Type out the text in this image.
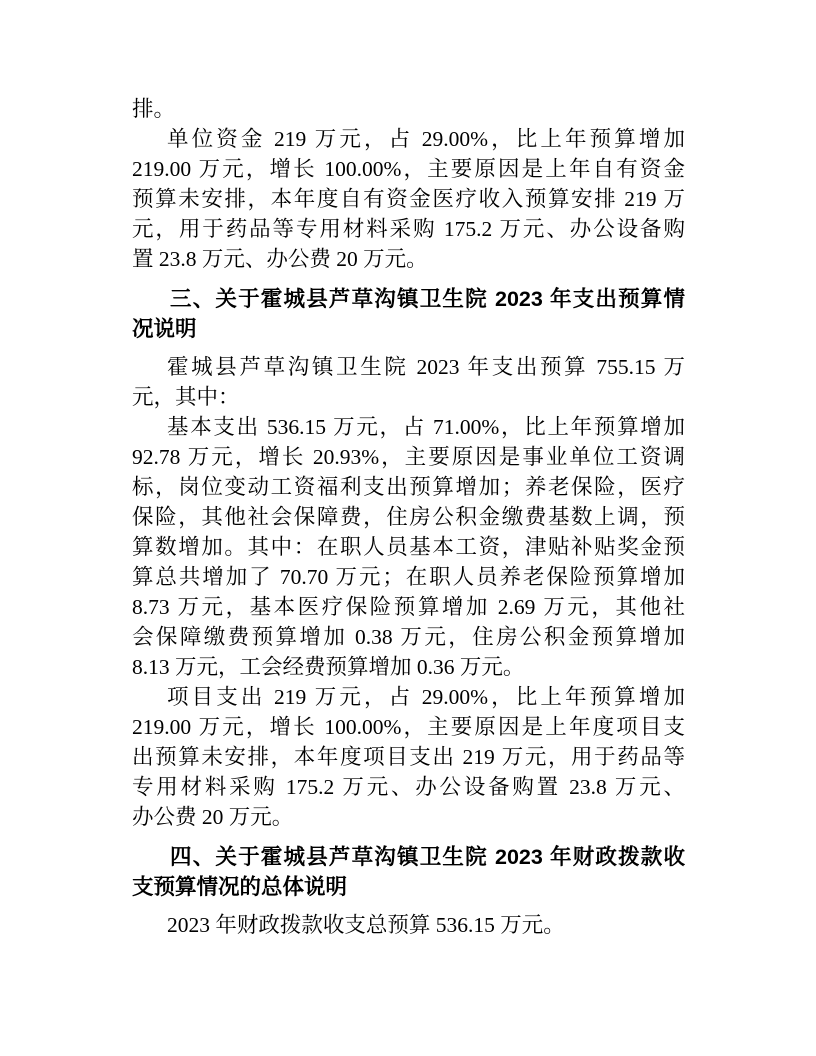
排。
单位资金 219 万元，占 29.00%，比上年预算增加
219.00 万元，增长 100.00%，主要原因是上年自有资金
预算未安排，本年度自有资金医疗收入预算安排 219 万
元，用于药品等专用材料采购 175.2 万元、办公设备购
置 23.8 万元、办公费 20 万元。
三、关于霍城县芦草沟镇卫生院 2023 年支出预算情
况说明
霍城县芦草沟镇卫生院 2023 年支出预算 755.15 万
元，其中：
基本支出 536.15 万元，占 71.00%，比上年预算增加
92.78 万元，增长 20.93%，主要原因是事业单位工资调
标，岗位变动工资福利支出预算增加；养老保险，医疗
保险，其他社会保障费，住房公积金缴费基数上调，预
算数增加。其中：在职人员基本工资，津贴补贴奖金预
算总共增加了 70.70 万元；在职人员养老保险预算增加
8.73 万元，基本医疗保险预算增加 2.69 万元，其他社
会保障缴费预算增加 0.38 万元，住房公积金预算增加
8.13 万元，工会经费预算增加 0.36 万元。
项目支出 219 万元，占 29.00%，比上年预算增加
219.00 万元，增长 100.00%，主要原因是上年度项目支
出预算未安排，本年度项目支出 219 万元，用于药品等
专用材料采购 175.2 万元、办公设备购置 23.8 万元、
办公费 20 万元。
四、关于霍城县芦草沟镇卫生院 2023 年财政拨款收
支预算情况的总体说明
2023 年财政拨款收支总预算 536.15 万元。
